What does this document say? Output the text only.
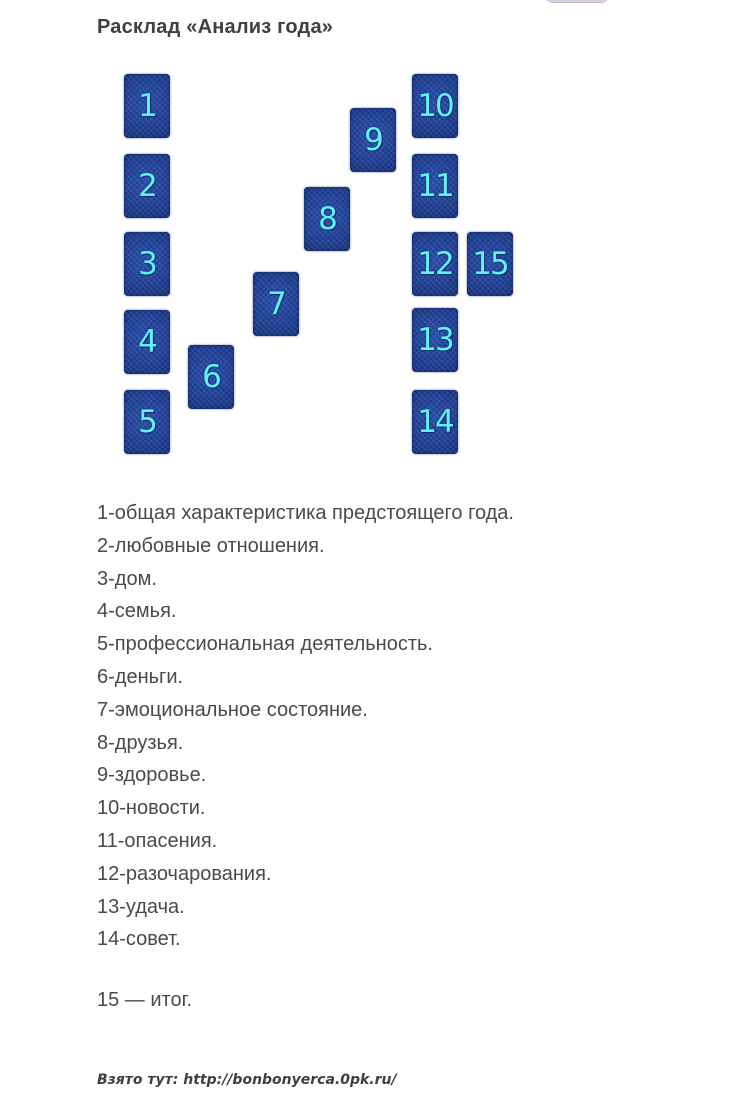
Расклад «Анализ года»
1
2
3
4
5
6
7
8
9
10
11
12
13
14
15
1-общая характеристика предстоящего года.
2-любовные отношения.
3-дом.
4-семья.
5-профессиональная деятельность.
6-деньги.
7-эмоциональное состояние.
8-друзья.
9-здоровье.
10-новости.
11-опасения.
12-разочарования.
13-удача.
14-совет.
15 — итог.
Взято тут: http://bonbonyerca.0pk.ru/
